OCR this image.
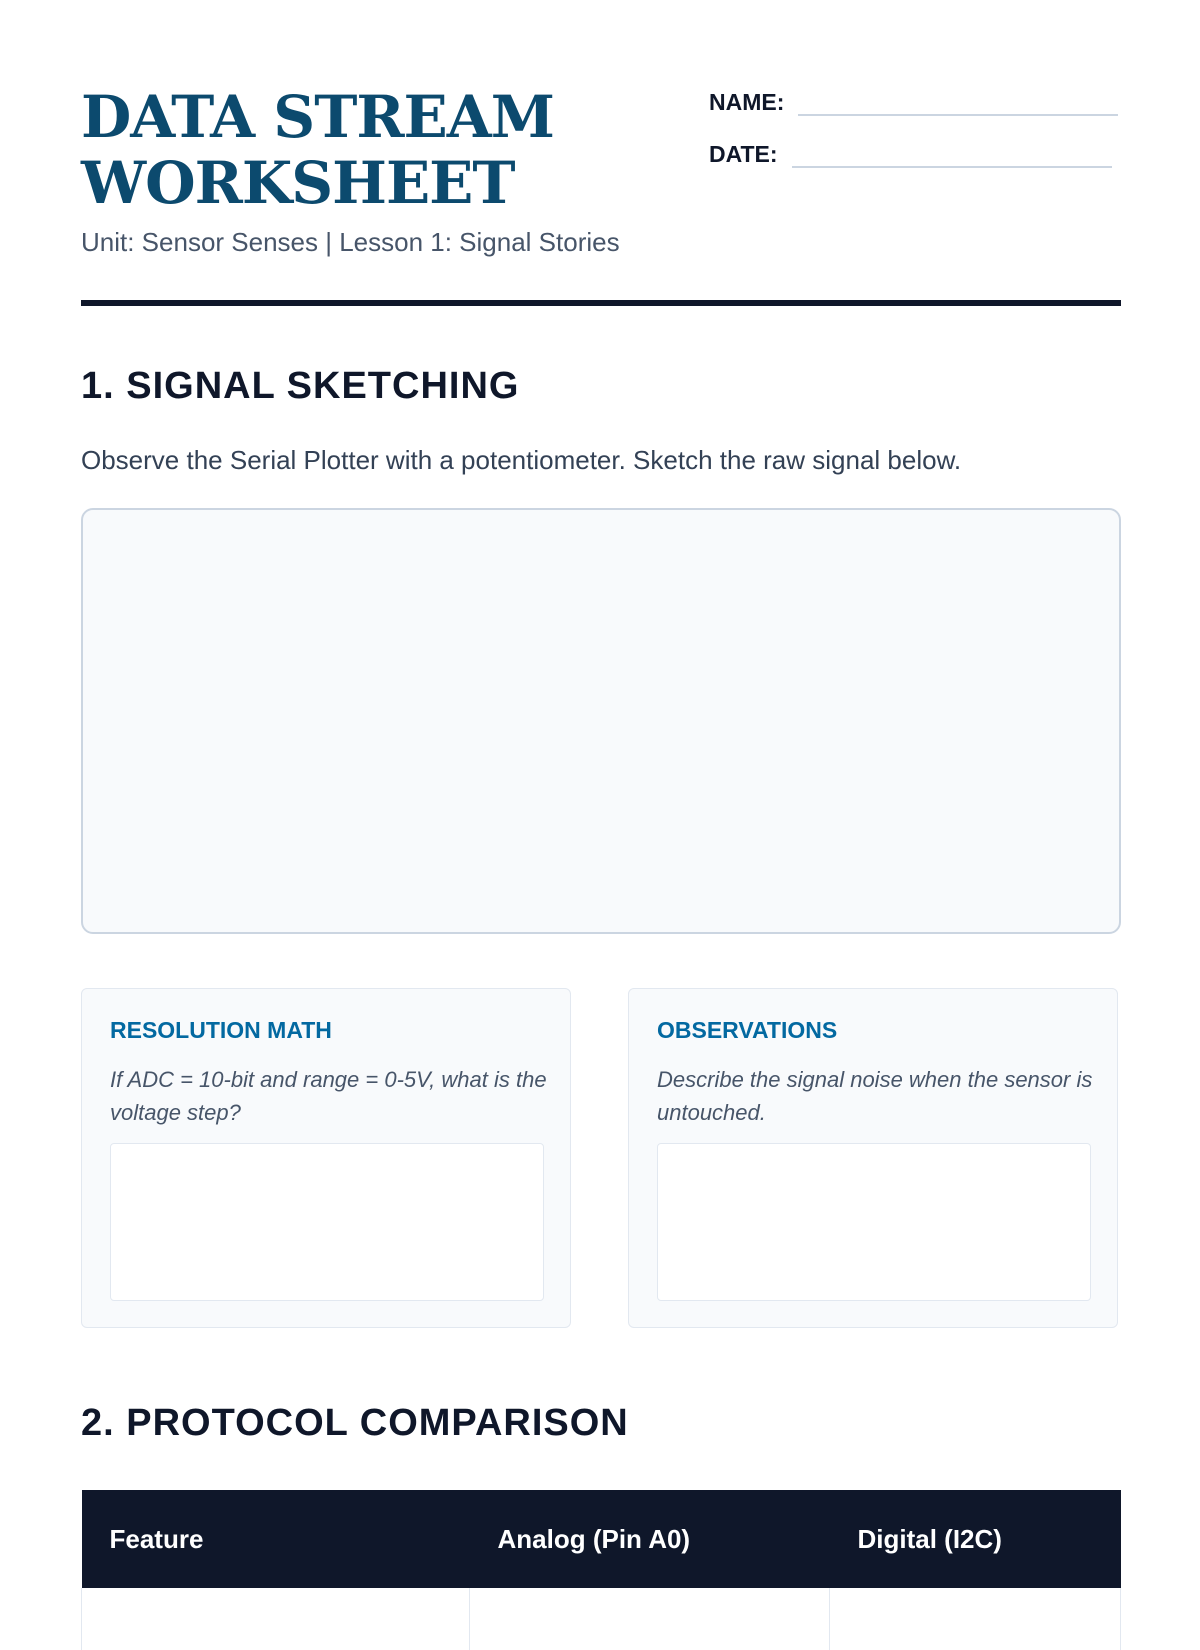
DATA STREAM
WORKSHEET
Unit: Sensor Senses | Lesson 1: Signal Stories
NAME:
DATE:
1. SIGNAL SKETCHING
Observe the Serial Plotter with a potentiometer. Sketch the raw signal below.
RESOLUTION MATH
If ADC = 10-bit and range = 0-5V, what is the voltage step?
OBSERVATIONS
Describe the signal noise when the sensor is untouched.
2. PROTOCOL COMPARISON
Feature	Analog (Pin A0)	Digital (I2C)
